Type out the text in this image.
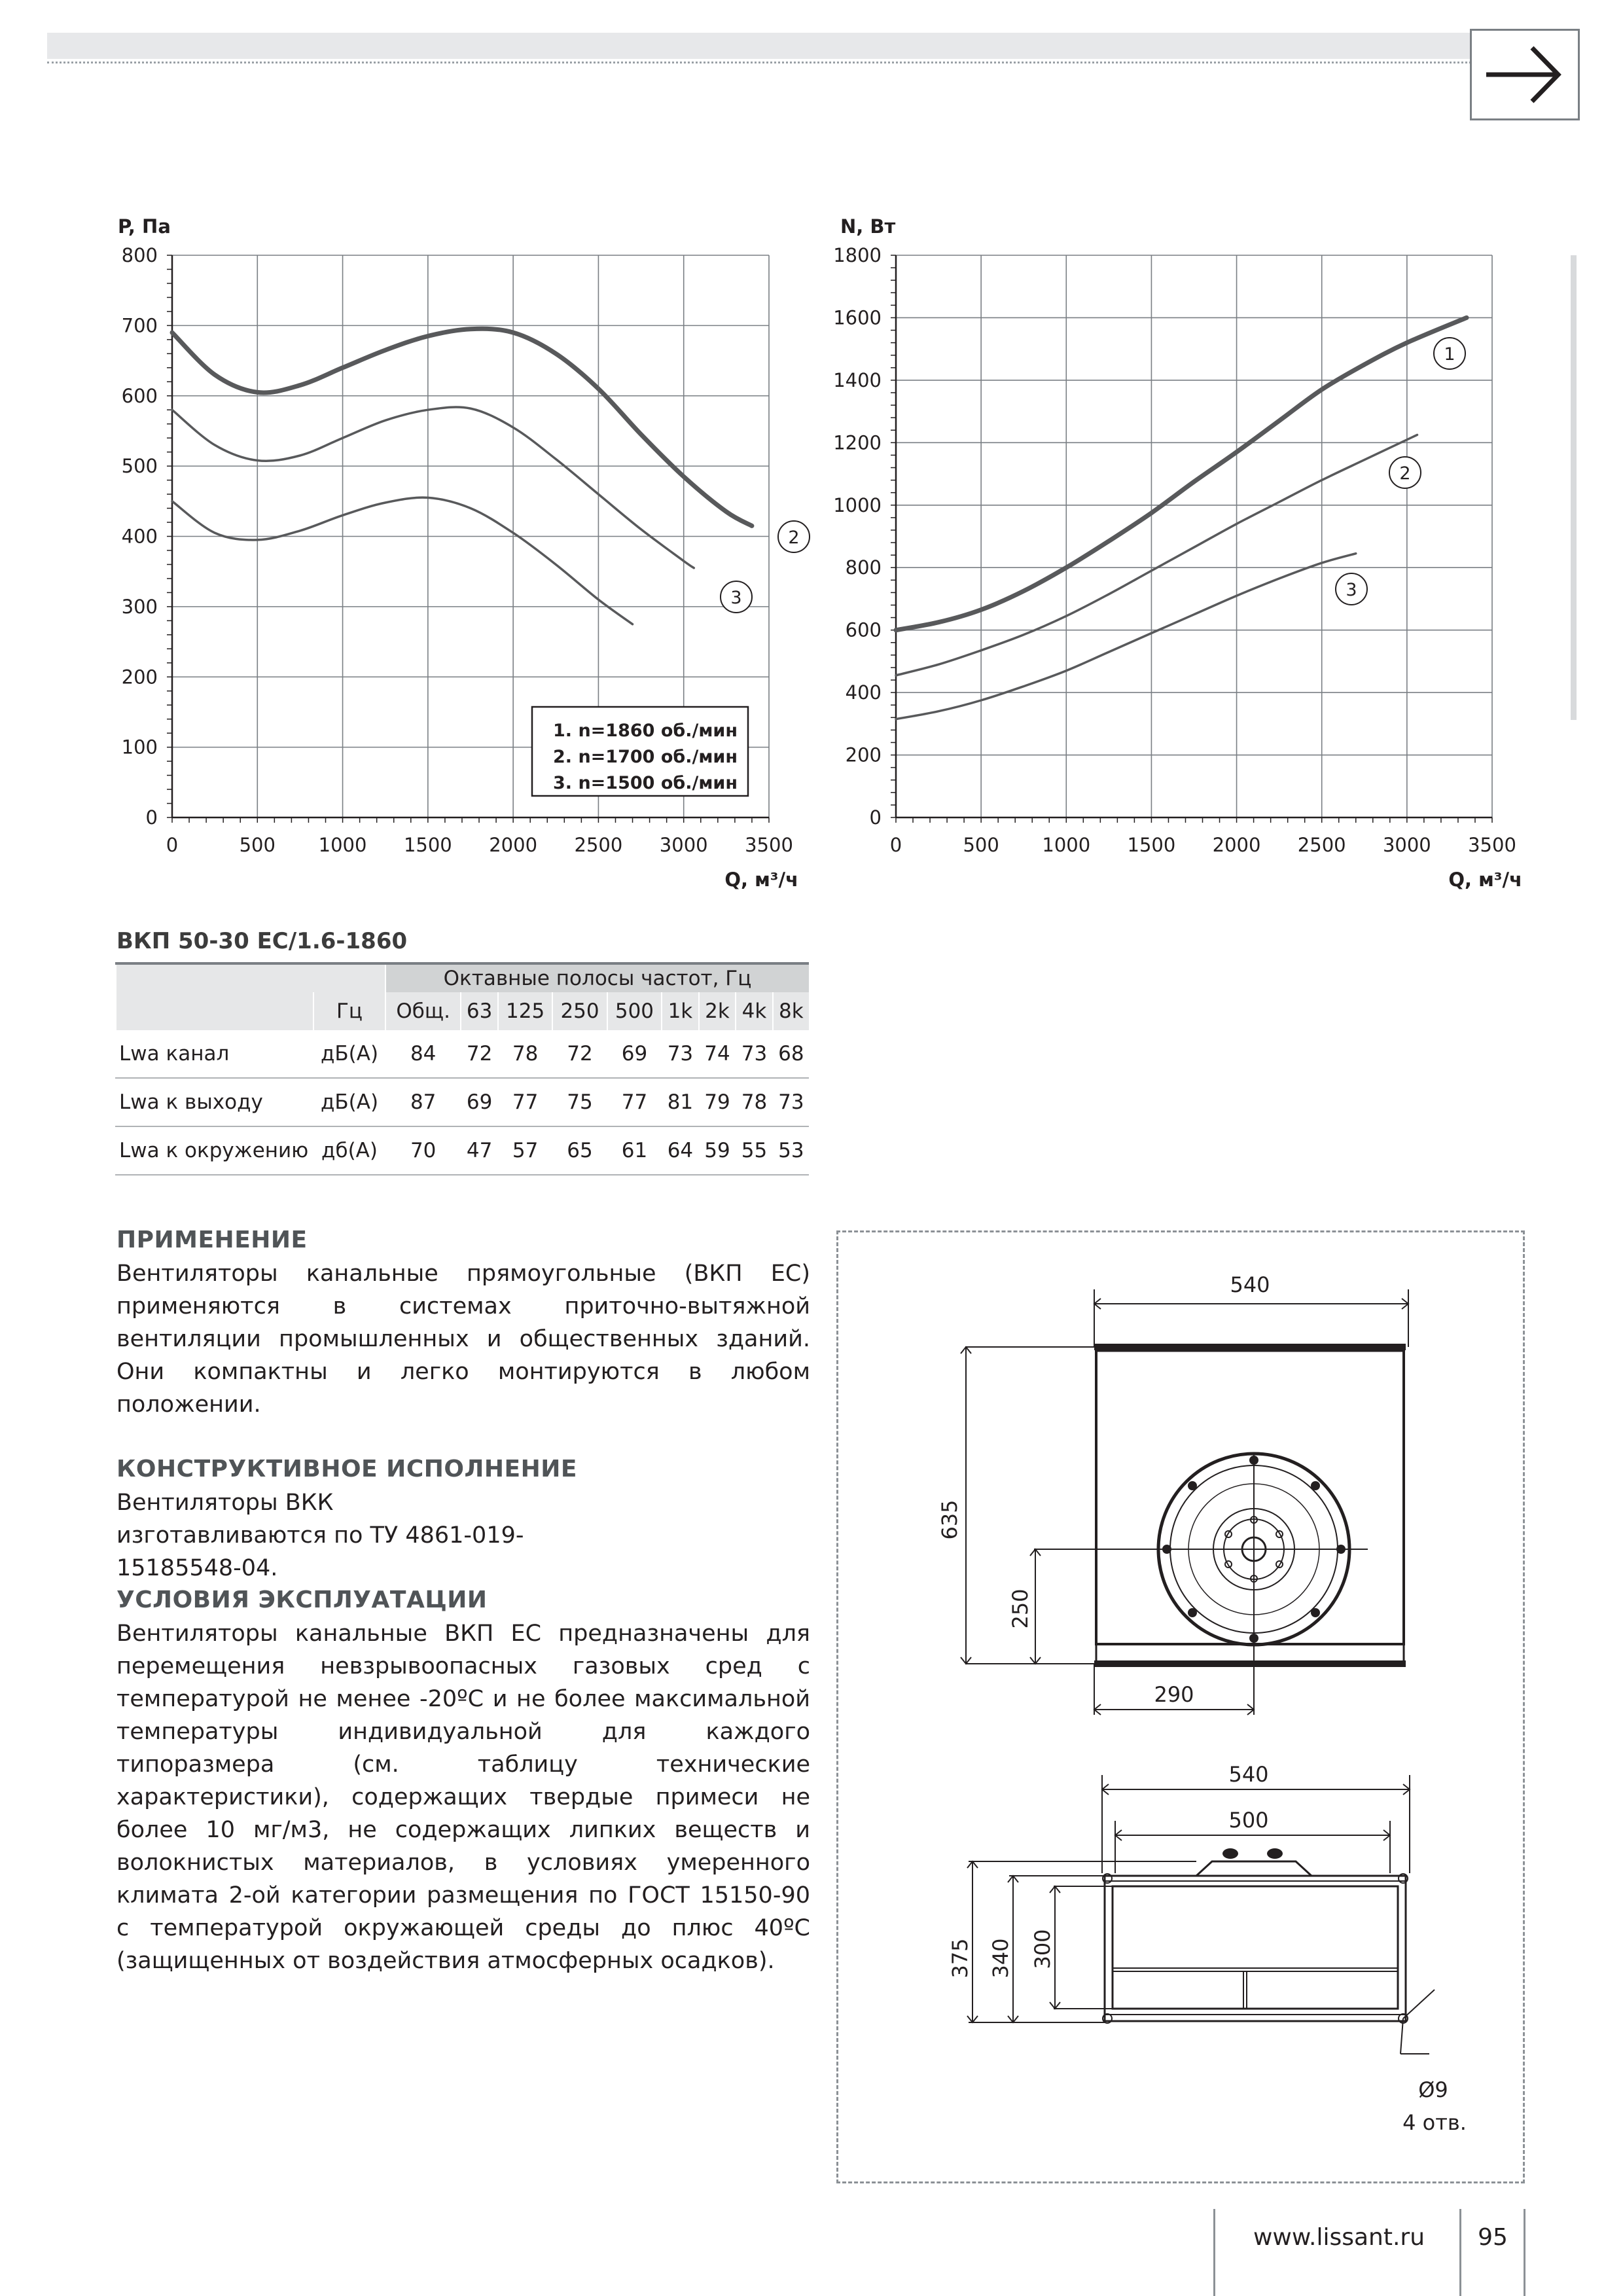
P, Па
0
100
200
300
400
500
600
700
800
0	500 1000 1500 2000 2500 3000 3500
2
3
Q, м³/ч
1. n=1860 об./мин
2. n=1700 об./мин
3. n=1500 об./мин
N, Вт
0
200
400
600
800
1000
1200
1400
1600
1800
0	500 1000 1500 2000 2500 3000 3500
1
2
3
Q, м³/ч
ВКП 50-30 ЕС/1.6-1860
		Октавные полосы частот, Гц								
	Гц	Общ.	63	125	250	500	1k	2k	4k	8k
Lwa канал	дБ(А)	84	72	78	72	69	73	74	73	68
Lwa к выходу	дБ(А)	87	69	77	75	77	81	79	78	73
Lwa к окружению	дб(А)	70	47	57	65	61	64	59	55	53
ПРИМЕНЕНИЕ

Вентиляторы канальные прямоугольные (ВКП ЕС) применяются в системах приточно-вытяжной вентиляции промышленных и общественных зданий. Они компактны и легко монтируются в любом положении.

КОНСТРУКТИВНОЕ ИСПОЛНЕНИЕ

Вентиляторы ВКК изготавливаются по ТУ 4861-019-15185548-04.

УСЛОВИЯ ЭКСПЛУАТАЦИИ

Вентиляторы канальные ВКП ЕС предназначены для перемещения невзрывоопасных газовых сред с температурой не менее -20ºС и не более максимальной температуры индивидуальной для каждого типоразмера (см. таблицу технические характеристики), содержащих твердые примеси не более 10 мг/м3, не содержащих липких веществ и волокнистых материалов, в условиях умеренного климата 2-ой категории размещения по ГОСТ 15150-90 с температурой окружающей среды до плюс 40ºС (защищенных от воздействия атмосферных осадков).

540
635
250
290
540
500
375 340 300
Ø9
4 отв.
www.lissant.ru	95
